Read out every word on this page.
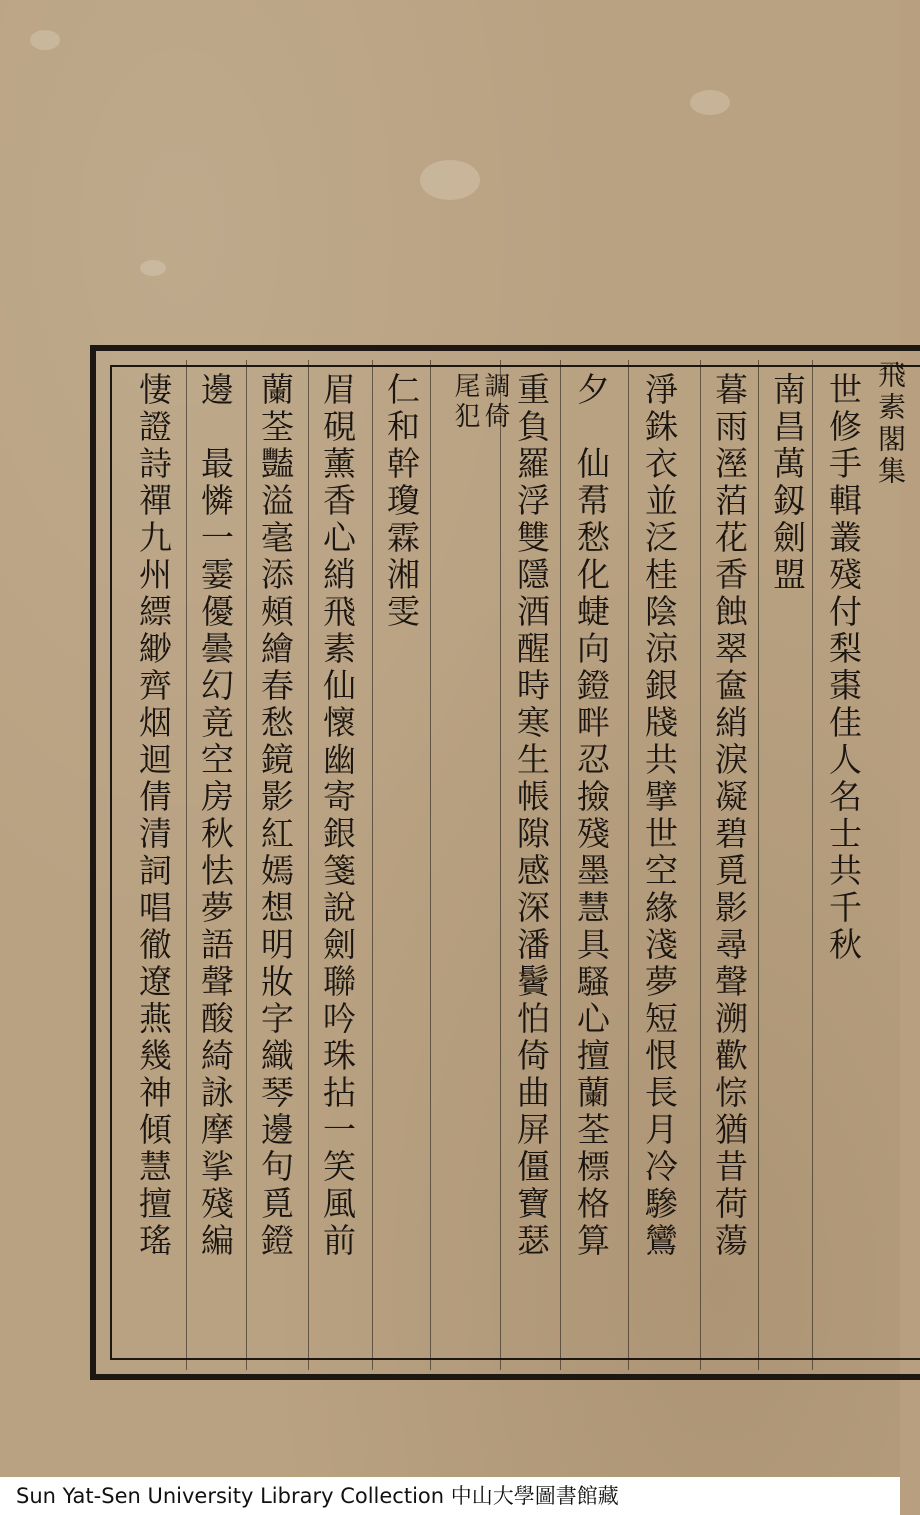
飛素閣集
世修手輯叢殘付梨棗佳人名士共千秋
南昌萬釼劍盟
暮雨溼萡花香蝕翠奩綃淚凝碧覓影尋聲溯歡悰猶昔荷蕩
淨銖衣並泛桂陰涼銀牋共擘世空緣淺夢短恨長月冷驂鸞
夕　仙帬愁化蜨向鐙畔忍撿殘墨慧具騷心擅蘭荃標格算
重負羅浮雙隱酒醒時寒生帳隙感深潘鬢怕倚曲屏僵寶瑟
調倚
尾犯
仁和幹瓊霖湘雯
眉硯薰香心綃飛素仙懷幽寄銀箋說劍聯吟珠拈一笑風前
蘭荃豔溢毫添頰繪春愁鏡影紅嫣想明妝字織琴邊句覓鐙
邊　最憐一霎優曇幻竟空房秋怯夢語聲酸綺詠摩挲殘編
悽證詩禪九州縹緲齊烟迴倩清詞唱徹遼燕幾神傾慧擅瑤
Sun Yat-Sen University Library Collection 中山大學圖書館藏
